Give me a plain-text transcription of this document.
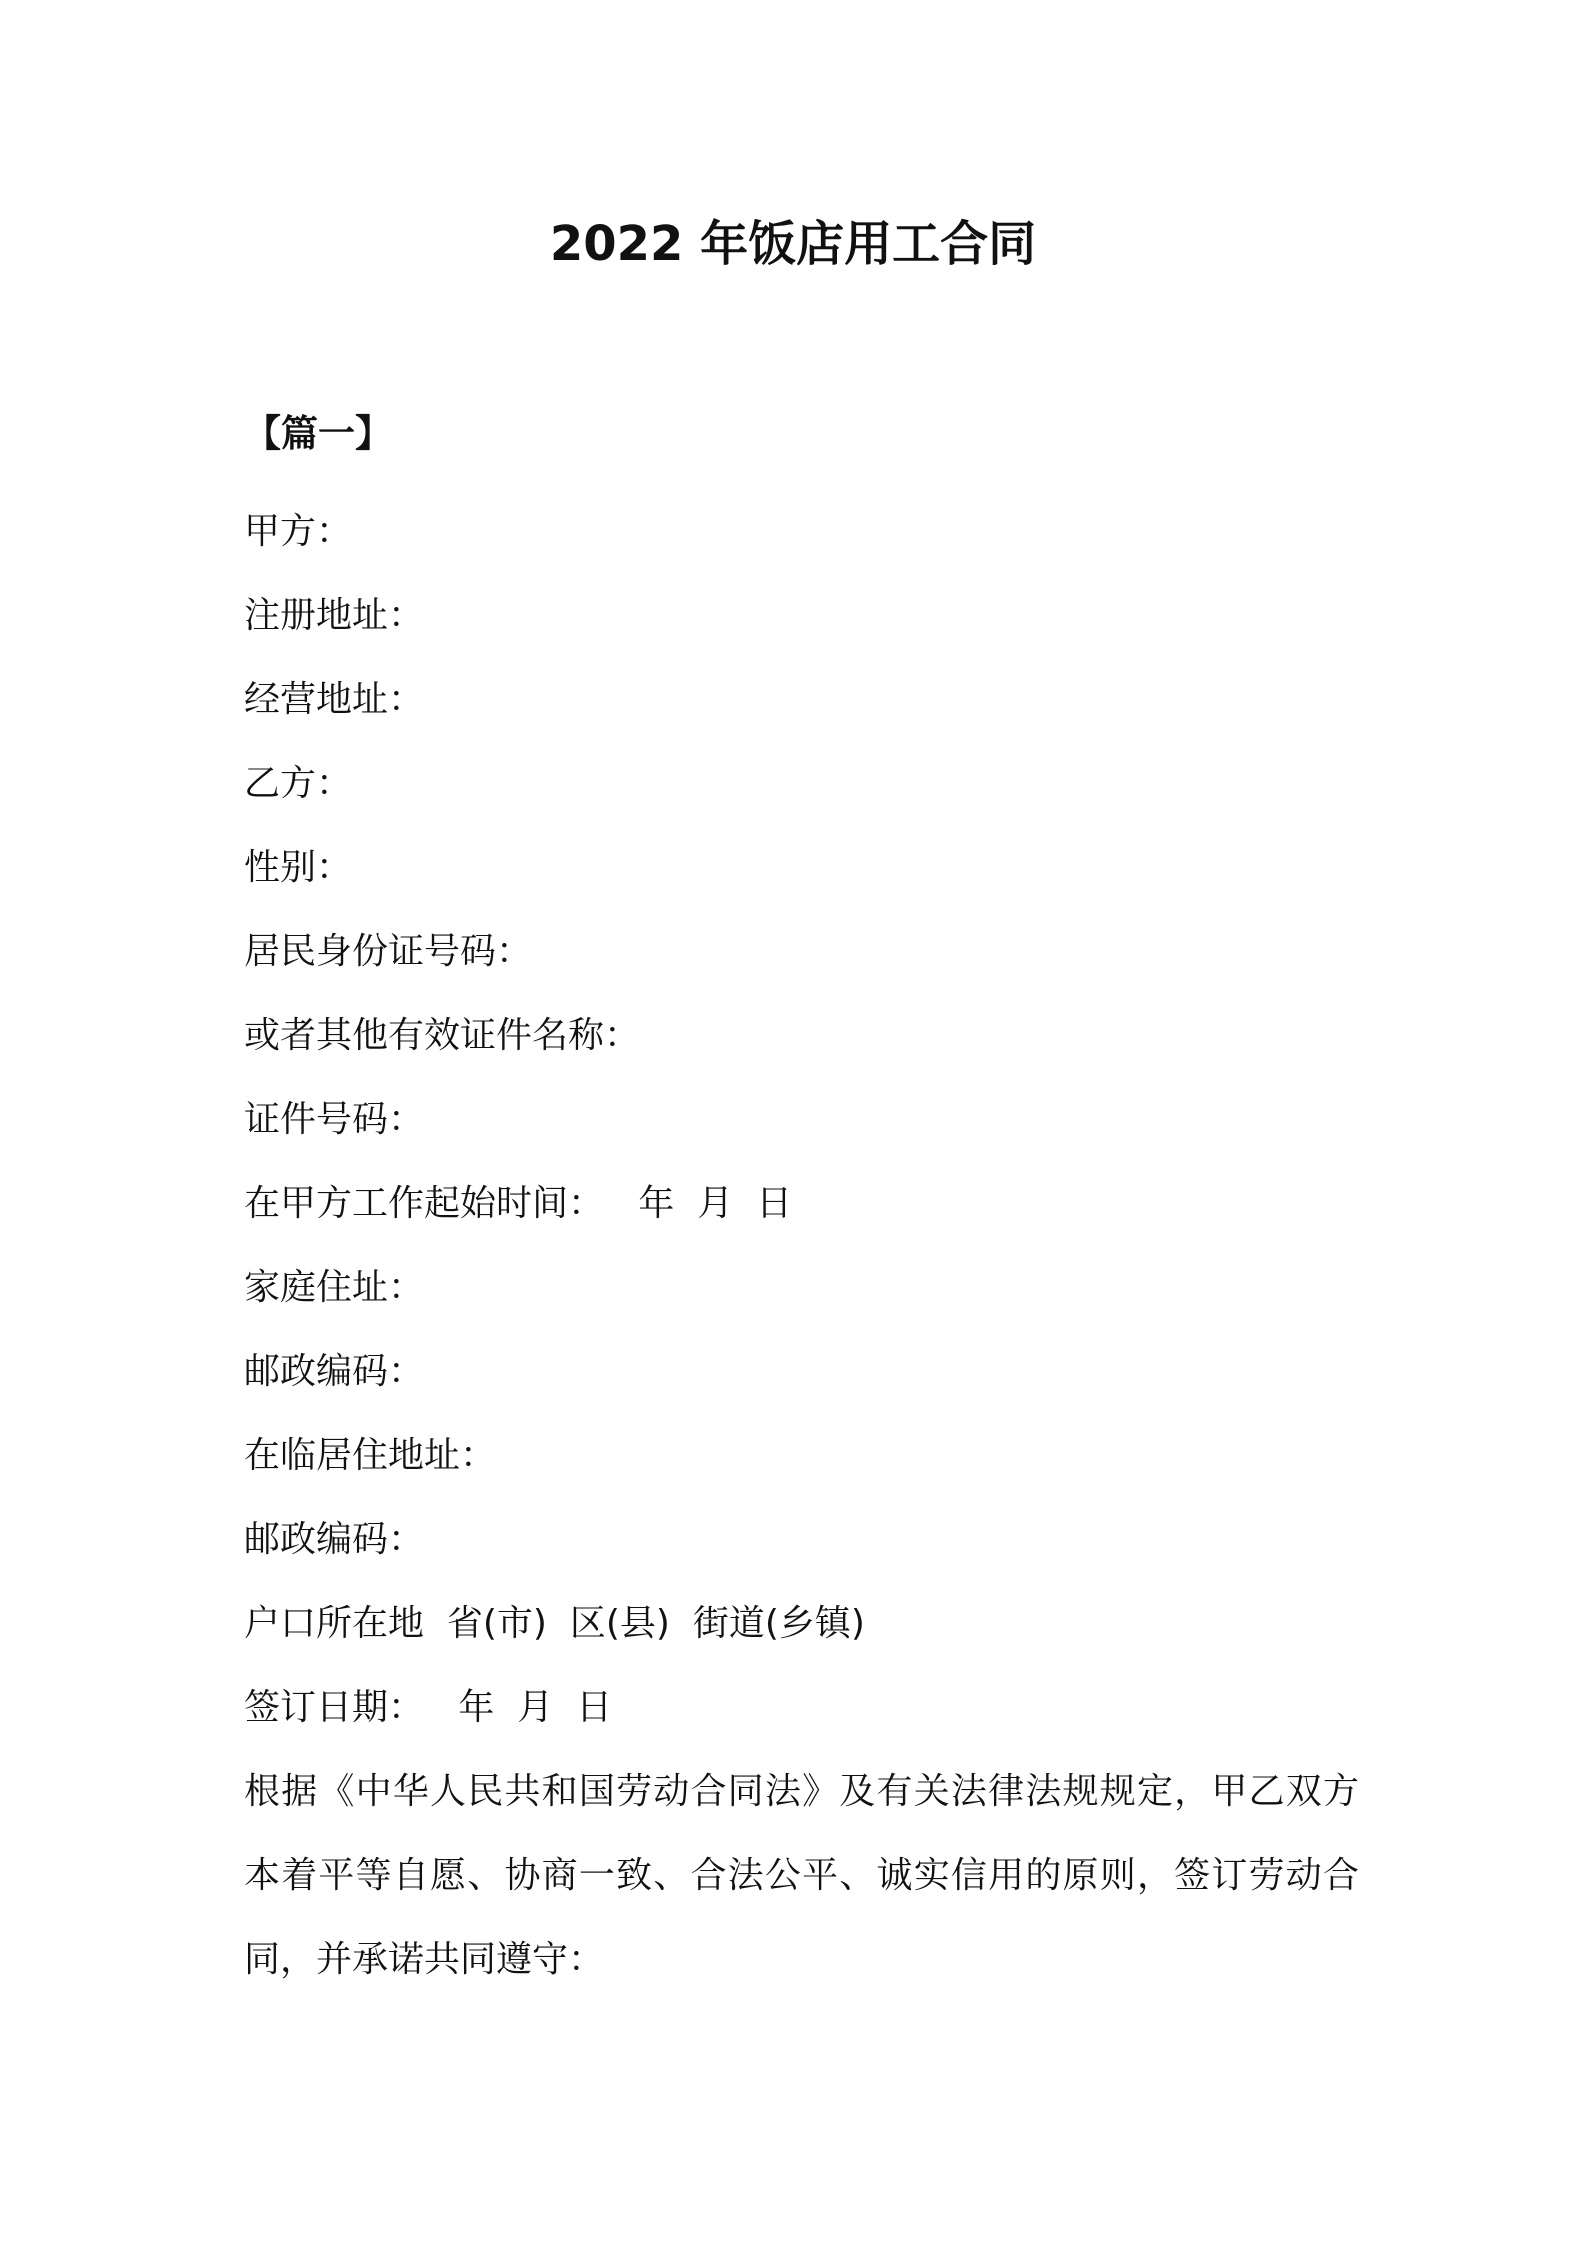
2022 年饭店用工合同
【篇一】
甲方：
注册地址：
经营地址：
乙方：
性别：
居民身份证号码：
或者其他有效证件名称：
证件号码：
在甲方工作起始时间：   年  月  日
家庭住址：
邮政编码：
在临居住地址：
邮政编码：
户口所在地  省(市)  区(县)  街道(乡镇)
签订日期：   年  月  日
根据《中华人民共和国劳动合同法》及有关法律法规规定，甲乙双方本着平等自愿、协商一致、合法公平、诚实信用的原则，签订劳动合同，并承诺共同遵守：
